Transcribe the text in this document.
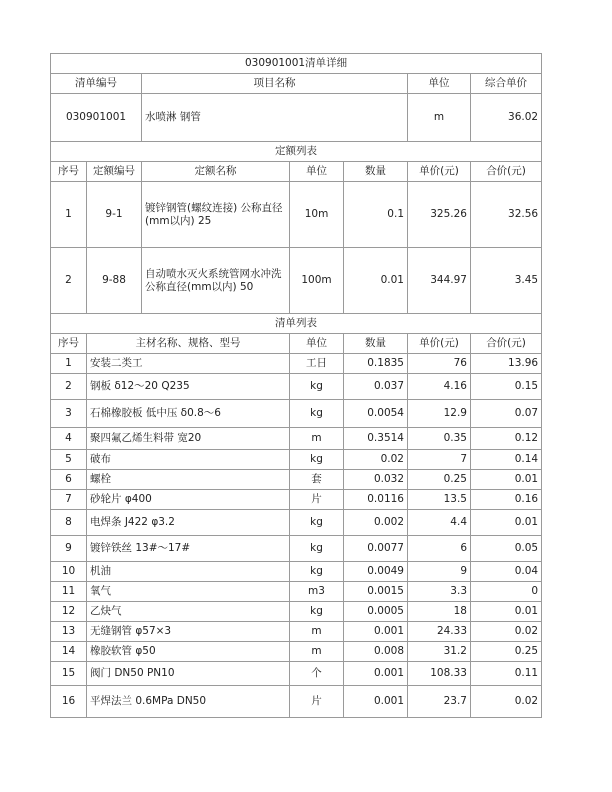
030901001清单详细						
清单编号		项目名称			单位	综合单价
030901001		水喷淋 钢管			m	36.02
定额列表						
序号	定额编号	定额名称	单位	数量	单价(元)	合价(元)
1	9-1	镀锌钢管(螺纹连接) 公称直径(mm以内) 25	10m	0.1	325.26	32.56
2	9-88	自动喷水灭火系统管网水冲洗 公称直径(mm以内) 50	100m	0.01	344.97	3.45
清单列表						
序号	主材名称、规格、型号		单位	数量	单价(元)	合价(元)
1	安装二类工		工日	0.1835	76	13.96
2	钢板 δ12～20 Q235		kg	0.037	4.16	0.15
3	石棉橡胶板 低中压 δ0.8～6		kg	0.0054	12.9	0.07
4	聚四氟乙烯生料带 宽20		m	0.3514	0.35	0.12
5	破布		kg	0.02	7	0.14
6	螺栓		套	0.032	0.25	0.01
7	砂轮片 φ400		片	0.0116	13.5	0.16
8	电焊条 J422 φ3.2		kg	0.002	4.4	0.01
9	镀锌铁丝 13#～17#		kg	0.0077	6	0.05
10	机油		kg	0.0049	9	0.04
11	氧气		m3	0.0015	3.3	0
12	乙炔气		kg	0.0005	18	0.01
13	无缝钢管 φ57×3		m	0.001	24.33	0.02
14	橡胶软管 φ50		m	0.008	31.2	0.25
15	阀门 DN50 PN10		个	0.001	108.33	0.11
16	平焊法兰 0.6MPa DN50		片	0.001	23.7	0.02
